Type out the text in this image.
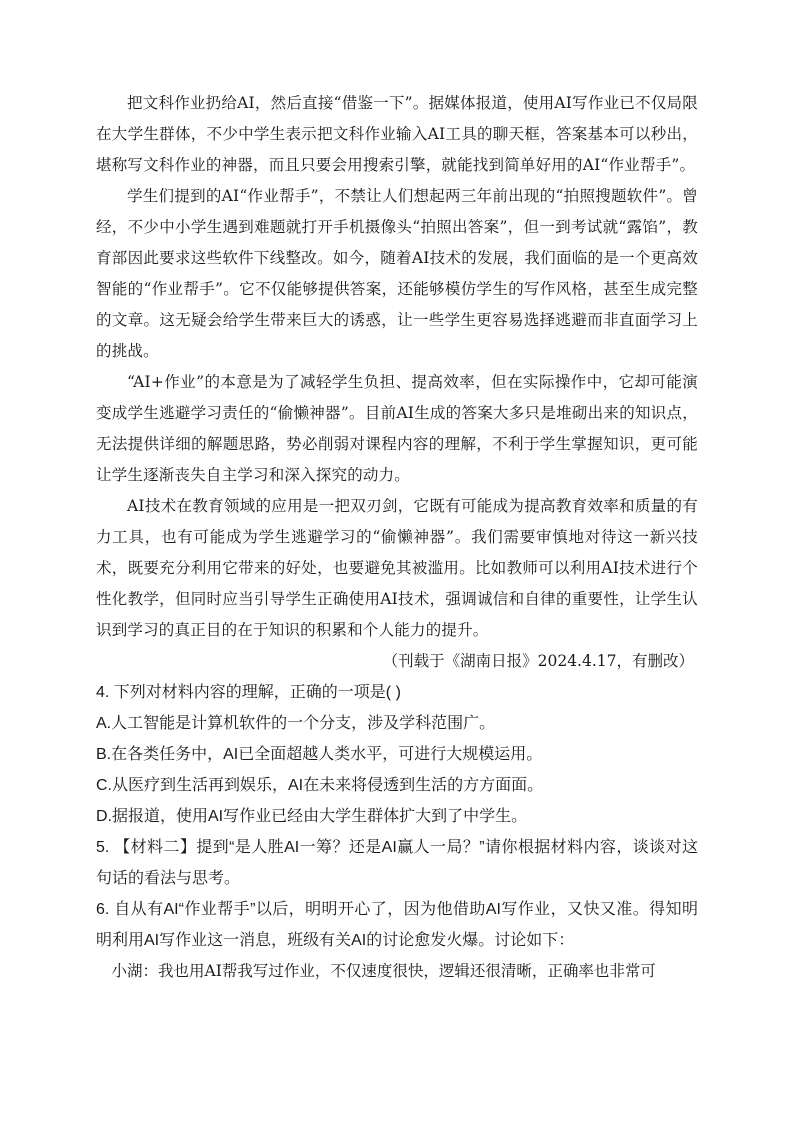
把文科作业扔给AI，然后直接“借鉴一下”。据媒体报道，使用AI写作业已不仅局限在大学生群体，不少中学生表示把文科作业输入AI工具的聊天框，答案基本可以秒出，堪称写文科作业的神器，而且只要会用搜索引擎，就能找到简单好用的AI“作业帮手”。

学生们提到的AI“作业帮手”，不禁让人们想起两三年前出现的“拍照搜题软件”。曾经，不少中小学生遇到难题就打开手机摄像头“拍照出答案”，但一到考试就“露馅”，教育部因此要求这些软件下线整改。如今，随着AI技术的发展，我们面临的是一个更高效智能的“作业帮手”。它不仅能够提供答案，还能够模仿学生的写作风格，甚至生成完整的文章。这无疑会给学生带来巨大的诱惑，让一些学生更容易选择逃避而非直面学习上的挑战。

“AI+作业”的本意是为了减轻学生负担、提高效率，但在实际操作中，它却可能演变成学生逃避学习责任的“偷懒神器”。目前AI生成的答案大多只是堆砌出来的知识点，无法提供详细的解题思路，势必削弱对课程内容的理解，不利于学生掌握知识，更可能让学生逐渐丧失自主学习和深入探究的动力。

AI技术在教育领域的应用是一把双刃剑，它既有可能成为提高教育效率和质量的有力工具，也有可能成为学生逃避学习的“偷懒神器”。我们需要审慎地对待这一新兴技术，既要充分利用它带来的好处，也要避免其被滥用。比如教师可以利用AI技术进行个性化教学，但同时应当引导学生正确使用AI技术，强调诚信和自律的重要性，让学生认识到学习的真正目的在于知识的积累和个人能力的提升。

（刊载于《湖南日报》2024.4.17，有删改）

4. 下列对材料内容的理解，正确的一项是( )

A.人工智能是计算机软件的一个分支，涉及学科范围广。
B.在各类任务中，AI已全面超越人类水平，可进行大规模运用。
C.从医疗到生活再到娱乐，AI在未来将侵透到生活的方方面面。
D.据报道，使用AI写作业已经由大学生群体扩大到了中学生。

5. 【材料二】提到“是人胜AI一筹？还是AI赢人一局？”请你根据材料内容，谈谈对这句话的看法与思考。

6. 自从有AI“作业帮手”以后，明明开心了，因为他借助AI写作业，又快又准。得知明明利用AI写作业这一消息，班级有关AI的讨论愈发火爆。讨论如下：

小湖：我也用AI帮我写过作业，不仅速度很快，逻辑还很清晰，正确率也非常可
